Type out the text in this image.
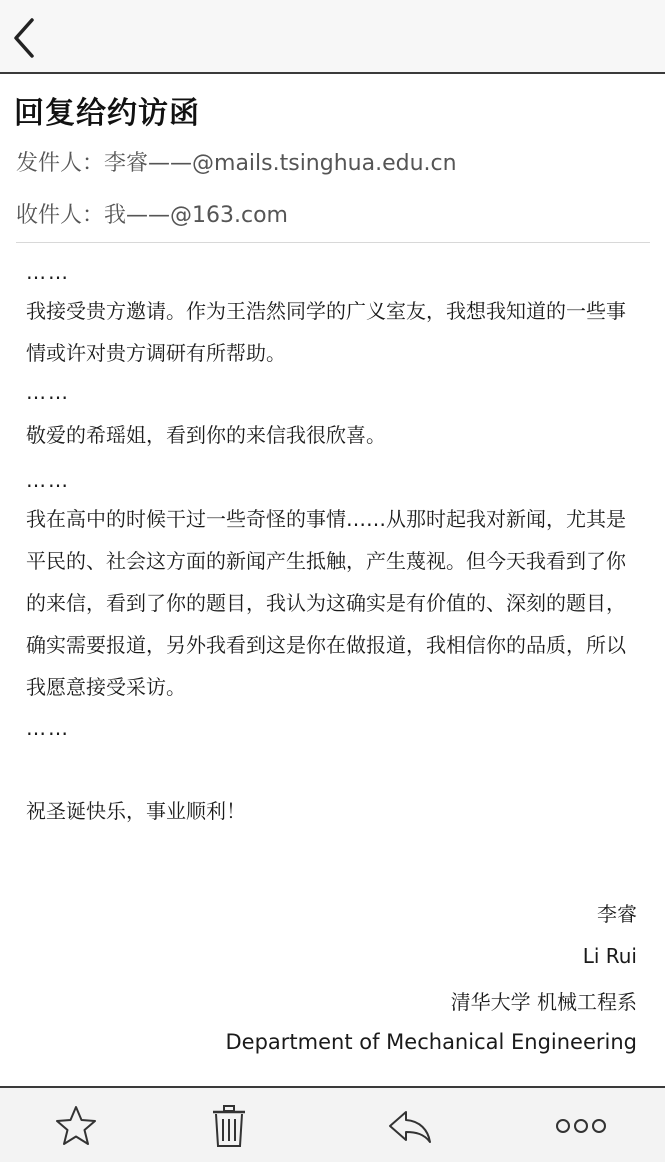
回复给约访函
发件人：李睿——@mails.tsinghua.edu.cn
收件人：我——@163.com

……

我接受贵方邀请。作为王浩然同学的广义室友，我想我知道的一些事情或许对贵方调研有所帮助。

……

敬爱的希瑶姐，看到你的来信我很欣喜。

……

我在高中的时候干过一些奇怪的事情……从那时起我对新闻，尤其是平民的、社会这方面的新闻产生抵触，产生蔑视。但今天我看到了你的来信，看到了你的题目，我认为这确实是有价值的、深刻的题目，确实需要报道，另外我看到这是你在做报道，我相信你的品质，所以我愿意接受采访。

……

祝圣诞快乐，事业顺利！

李睿
Li Rui
清华大学 机械工程系
Department of Mechanical Engineering
